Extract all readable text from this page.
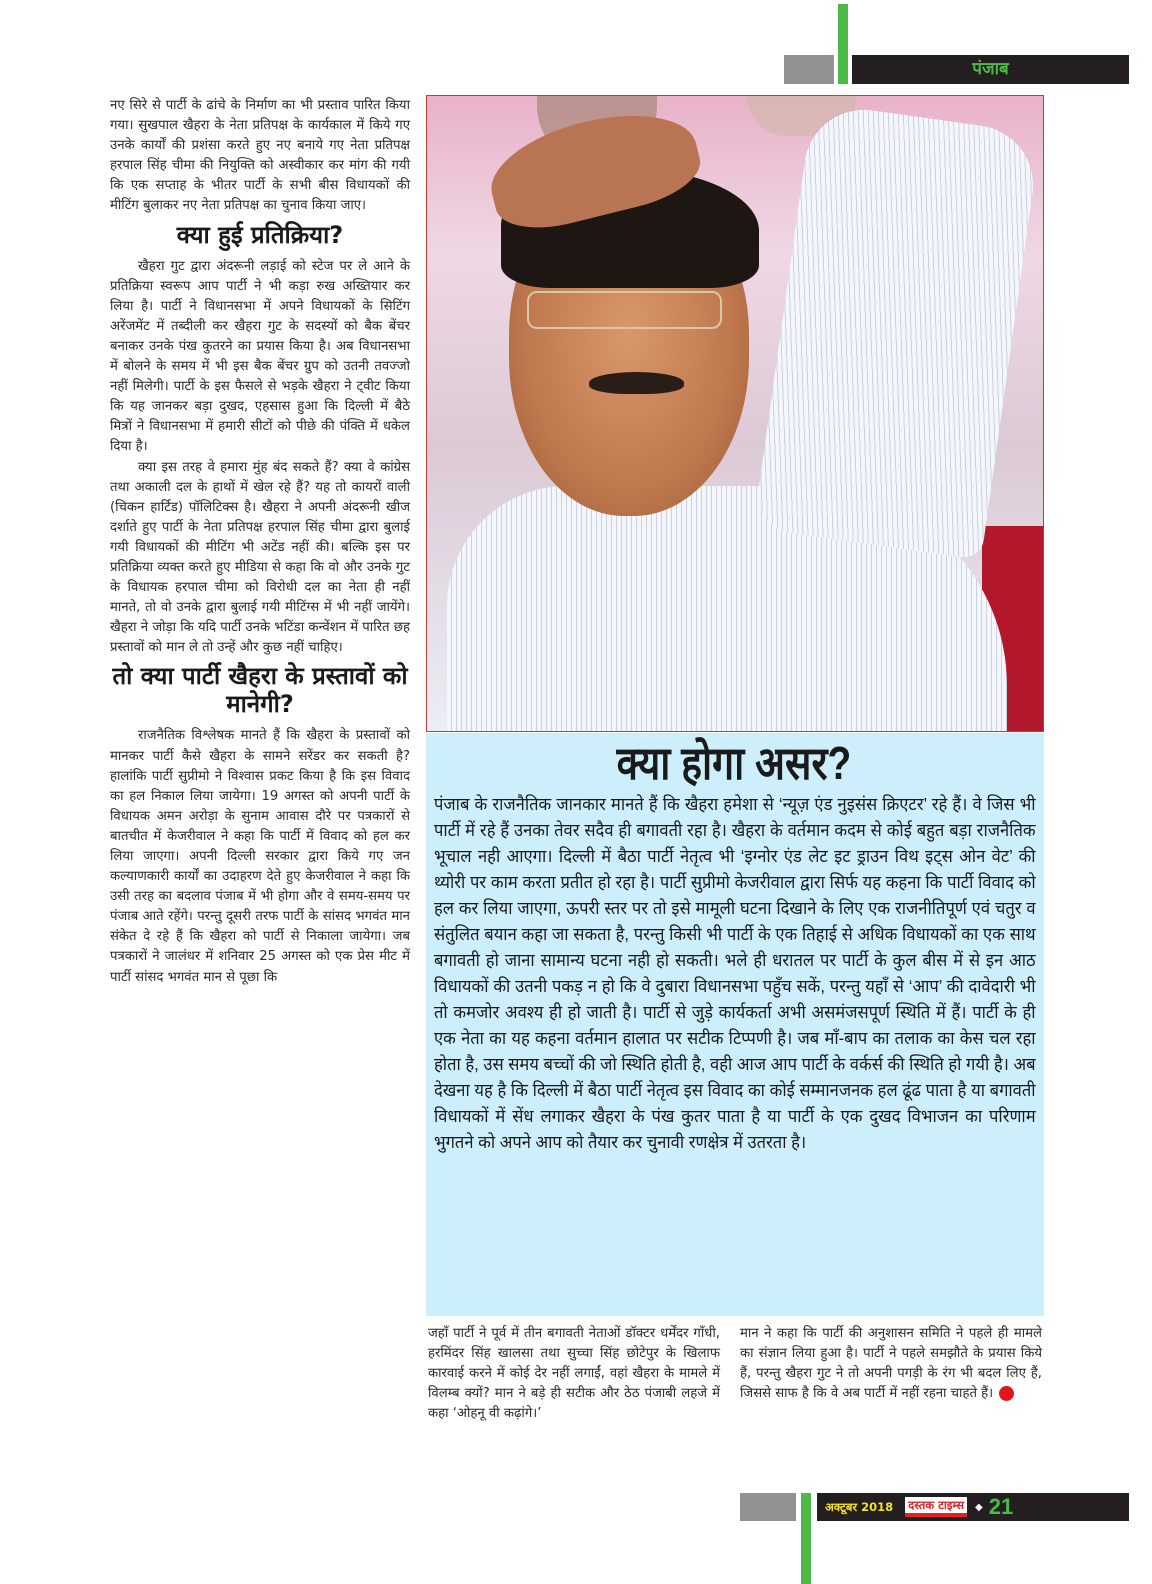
पंजाब

नए सिरे से पार्टी के ढांचे के निर्माण का भी प्रस्ताव पारित किया गया। सुखपाल खैहरा के नेता प्रतिपक्ष के कार्यकाल में किये गए उनके कार्यों की प्रशंसा करते हुए नए बनाये गए नेता प्रतिपक्ष हरपाल सिंह चीमा की नियुक्ति को अस्वीकार कर मांग की गयी कि एक सप्ताह के भीतर पार्टी के सभी बीस विधायकों की मीटिंग बुलाकर नए नेता प्रतिपक्ष का चुनाव किया जाए।

क्या हुई प्रतिक्रिया?

खैहरा गुट द्वारा अंदरूनी लड़ाई को स्टेज पर ले आने के प्रतिक्रिया स्वरूप आप पार्टी ने भी कड़ा रुख अख्तियार कर लिया है। पार्टी ने विधानसभा में अपने विधायकों के सिटिंग अरेंजमेंट में तब्दीली कर खैहरा गुट के सदस्यों को बैक बेंचर बनाकर उनके पंख कुतरने का प्रयास किया है। अब विधानसभा में बोलने के समय में भी इस बैक बेंचर ग्रुप को उतनी तवज्जो नहीं मिलेगी। पार्टी के इस फैसले से भड़के खैहरा ने ट्वीट किया कि यह जानकर बड़ा दुखद, एहसास हुआ कि दिल्ली में बैठे मित्रों ने विधानसभा में हमारी सीटों को पीछे की पंक्ति में धकेल दिया है।

क्या इस तरह वे हमारा मुंह बंद सकते हैं? क्या वे कांग्रेस तथा अकाली दल के हाथों में खेल रहे हैं? यह तो कायरों वाली (चिकन हार्टिड) पॉलिटिक्स है। खैहरा ने अपनी अंदरूनी खीज दर्शाते हुए पार्टी के नेता प्रतिपक्ष हरपाल सिंह चीमा द्वारा बुलाई गयी विधायकों की मीटिंग भी अटेंड नहीं की। बल्कि इस पर प्रतिक्रिया व्यक्त करते हुए मीडिया से कहा कि वो और उनके गुट के विधायक हरपाल चीमा को विरोधी दल का नेता ही नहीं मानते, तो वो उनके द्वारा बुलाई गयी मीटिंग्स में भी नहीं जायेंगे। खैहरा ने जोड़ा कि यदि पार्टी उनके भटिंडा कन्वेंशन में पारित छह प्रस्तावों को मान ले तो उन्हें और कुछ नहीं चाहिए।

तो क्या पार्टी खैहरा के प्रस्तावों को मानेगी?

राजनैतिक विश्लेषक मानते हैं कि खैहरा के प्रस्तावों को मानकर पार्टी कैसे खैहरा के सामने सरेंडर कर सकती है? हालांकि पार्टी सुप्रीमो ने विश्वास प्रकट किया है कि इस विवाद का हल निकाल लिया जायेगा। 19 अगस्त को अपनी पार्टी के विधायक अमन अरोड़ा के सुनाम आवास दौरे पर पत्रकारों से बातचीत में केजरीवाल ने कहा कि पार्टी में विवाद को हल कर लिया जाएगा। अपनी दिल्ली सरकार द्वारा किये गए जन कल्याणकारी कार्यों का उदाहरण देते हुए केजरीवाल ने कहा कि उसी तरह का बदलाव पंजाब में भी होगा और वे समय-समय पर पंजाब आते रहेंगे। परन्तु दूसरी तरफ पार्टी के सांसद भगवंत मान संकेत दे रहे हैं कि खैहरा को पार्टी से निकाला जायेगा। जब पत्रकारों ने जालंधर में शनिवार 25 अगस्त को एक प्रेस मीट में पार्टी सांसद भगवंत मान से पूछा कि

क्या होगा असर?
पंजाब के राजनैतिक जानकार मानते हैं कि खैहरा हमेशा से ‘न्यूज़ एंड नुइसंस क्रिएटर’ रहे हैं। वे जिस भी पार्टी में रहे हैं उनका तेवर सदैव ही बगावती रहा है। खैहरा के वर्तमान कदम से कोई बहुत बड़ा राजनैतिक भूचाल नही आएगा। दिल्ली में बैठा पार्टी नेतृत्व भी ‘इग्नोर एंड लेट इट ड्राउन विथ इट्स ओन वेट’ की थ्योरी पर काम करता प्रतीत हो रहा है। पार्टी सुप्रीमो केजरीवाल द्वारा सिर्फ यह कहना कि पार्टी विवाद को हल कर लिया जाएगा, ऊपरी स्तर पर तो इसे मामूली घटना दिखाने के लिए एक राजनीतिपूर्ण एवं चतुर व संतुलित बयान कहा जा सकता है, परन्तु किसी भी पार्टी के एक तिहाई से अधिक विधायकों का एक साथ बगावती हो जाना सामान्य घटना नही हो सकती। भले ही धरातल पर पार्टी के कुल बीस में से इन आठ विधायकों की उतनी पकड़ न हो कि वे दुबारा विधानसभा पहुँच सकें, परन्तु यहाँ से ‘आप’ की दावेदारी भी तो कमजोर अवश्य ही हो जाती है। पार्टी से जुड़े कार्यकर्ता अभी असमंजसपूर्ण स्थिति में हैं। पार्टी के ही एक नेता का यह कहना वर्तमान हालात पर सटीक टिप्पणी है। जब माँ-बाप का तलाक का केस चल रहा होता है, उस समय बच्चों की जो स्थिति होती है, वही आज आप पार्टी के वर्कर्स की स्थिति हो गयी है। अब देखना यह है कि दिल्ली में बैठा पार्टी नेतृत्व इस विवाद का कोई सम्मानजनक हल ढूंढ पाता है या बगावती विधायकों में सेंध लगाकर खैहरा के पंख कुतर पाता है या पार्टी के एक दुखद विभाजन का परिणाम भुगतने को अपने आप को तैयार कर चुनावी रणक्षेत्र में उतरता है।

जहाँ पार्टी ने पूर्व में तीन बगावती नेताओं डॉक्टर धर्मेंदर गाँधी, हरमिंदर सिंह खालसा तथा सुच्चा सिंह छोटेपुर के खिलाफ कारवाई करने में कोई देर नहीं लगाईं, वहां खैहरा के मामले में विलम्ब क्यों? मान ने बड़े ही सटीक और ठेठ पंजाबी लहजे में कहा ‘ओहनू वी कढ़ांगे।’

मान ने कहा कि पार्टी की अनुशासन समिति ने पहले ही मामले का संज्ञान लिया हुआ है। पार्टी ने पहले समझौते के प्रयास किये हैं, परन्तु खैहरा गुट ने तो अपनी पगड़ी के रंग भी बदल लिए हैं, जिससे साफ है कि वे अब पार्टी में नहीं रहना चाहते हैं।

अक्टूबर 2018 दस्तक टाइम्स ◆ 21
